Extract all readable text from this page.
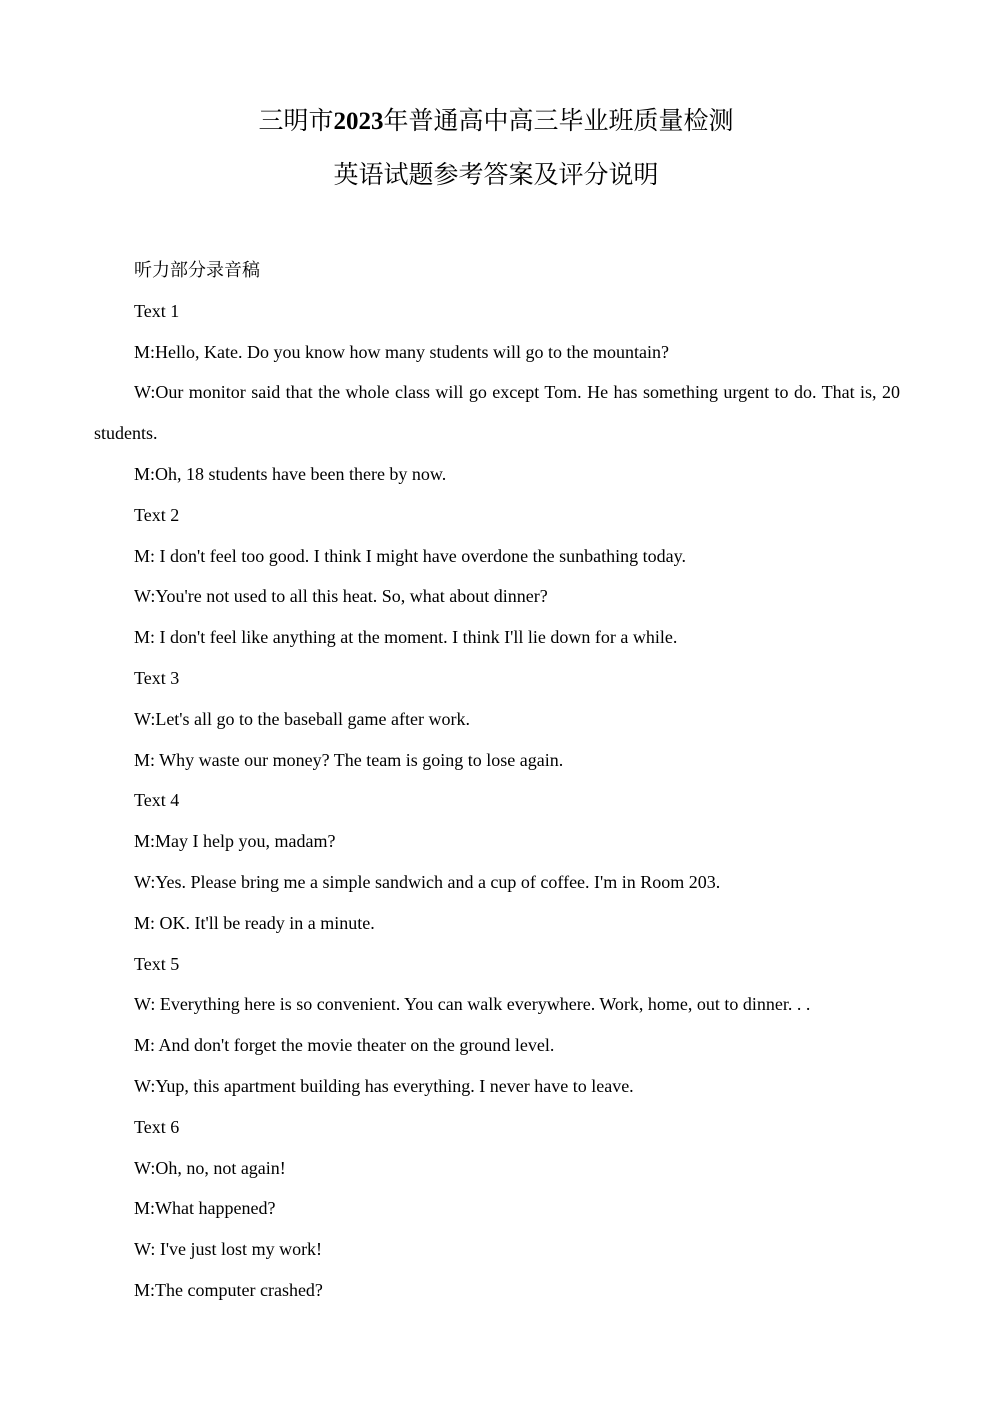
三明市2023年普通高中高三毕业班质量检测
英语试题参考答案及评分说明

听力部分录音稿

Text 1

M:Hello, Kate. Do you know how many students will go to the mountain?

W:Our monitor said that the whole class will go except Tom. He has something urgent to do. That is, 20 students.

M:Oh, 18 students have been there by now.

Text 2

M: I don't feel too good. I think I might have overdone the sunbathing today.

W:You're not used to all this heat. So, what about dinner?

M: I don't feel like anything at the moment. I think I'll lie down for a while.

Text 3

W:Let's all go to the baseball game after work.

M: Why waste our money? The team is going to lose again.

Text 4

M:May I help you, madam?

W:Yes. Please bring me a simple sandwich and a cup of coffee. I'm in Room 203.

M: OK. It'll be ready in a minute.

Text 5

W: Everything here is so convenient. You can walk everywhere. Work, home, out to dinner. . .

M: And don't forget the movie theater on the ground level.

W:Yup, this apartment building has everything. I never have to leave.

Text 6

W:Oh, no, not again!

M:What happened?

W: I've just lost my work!

M:The computer crashed?
